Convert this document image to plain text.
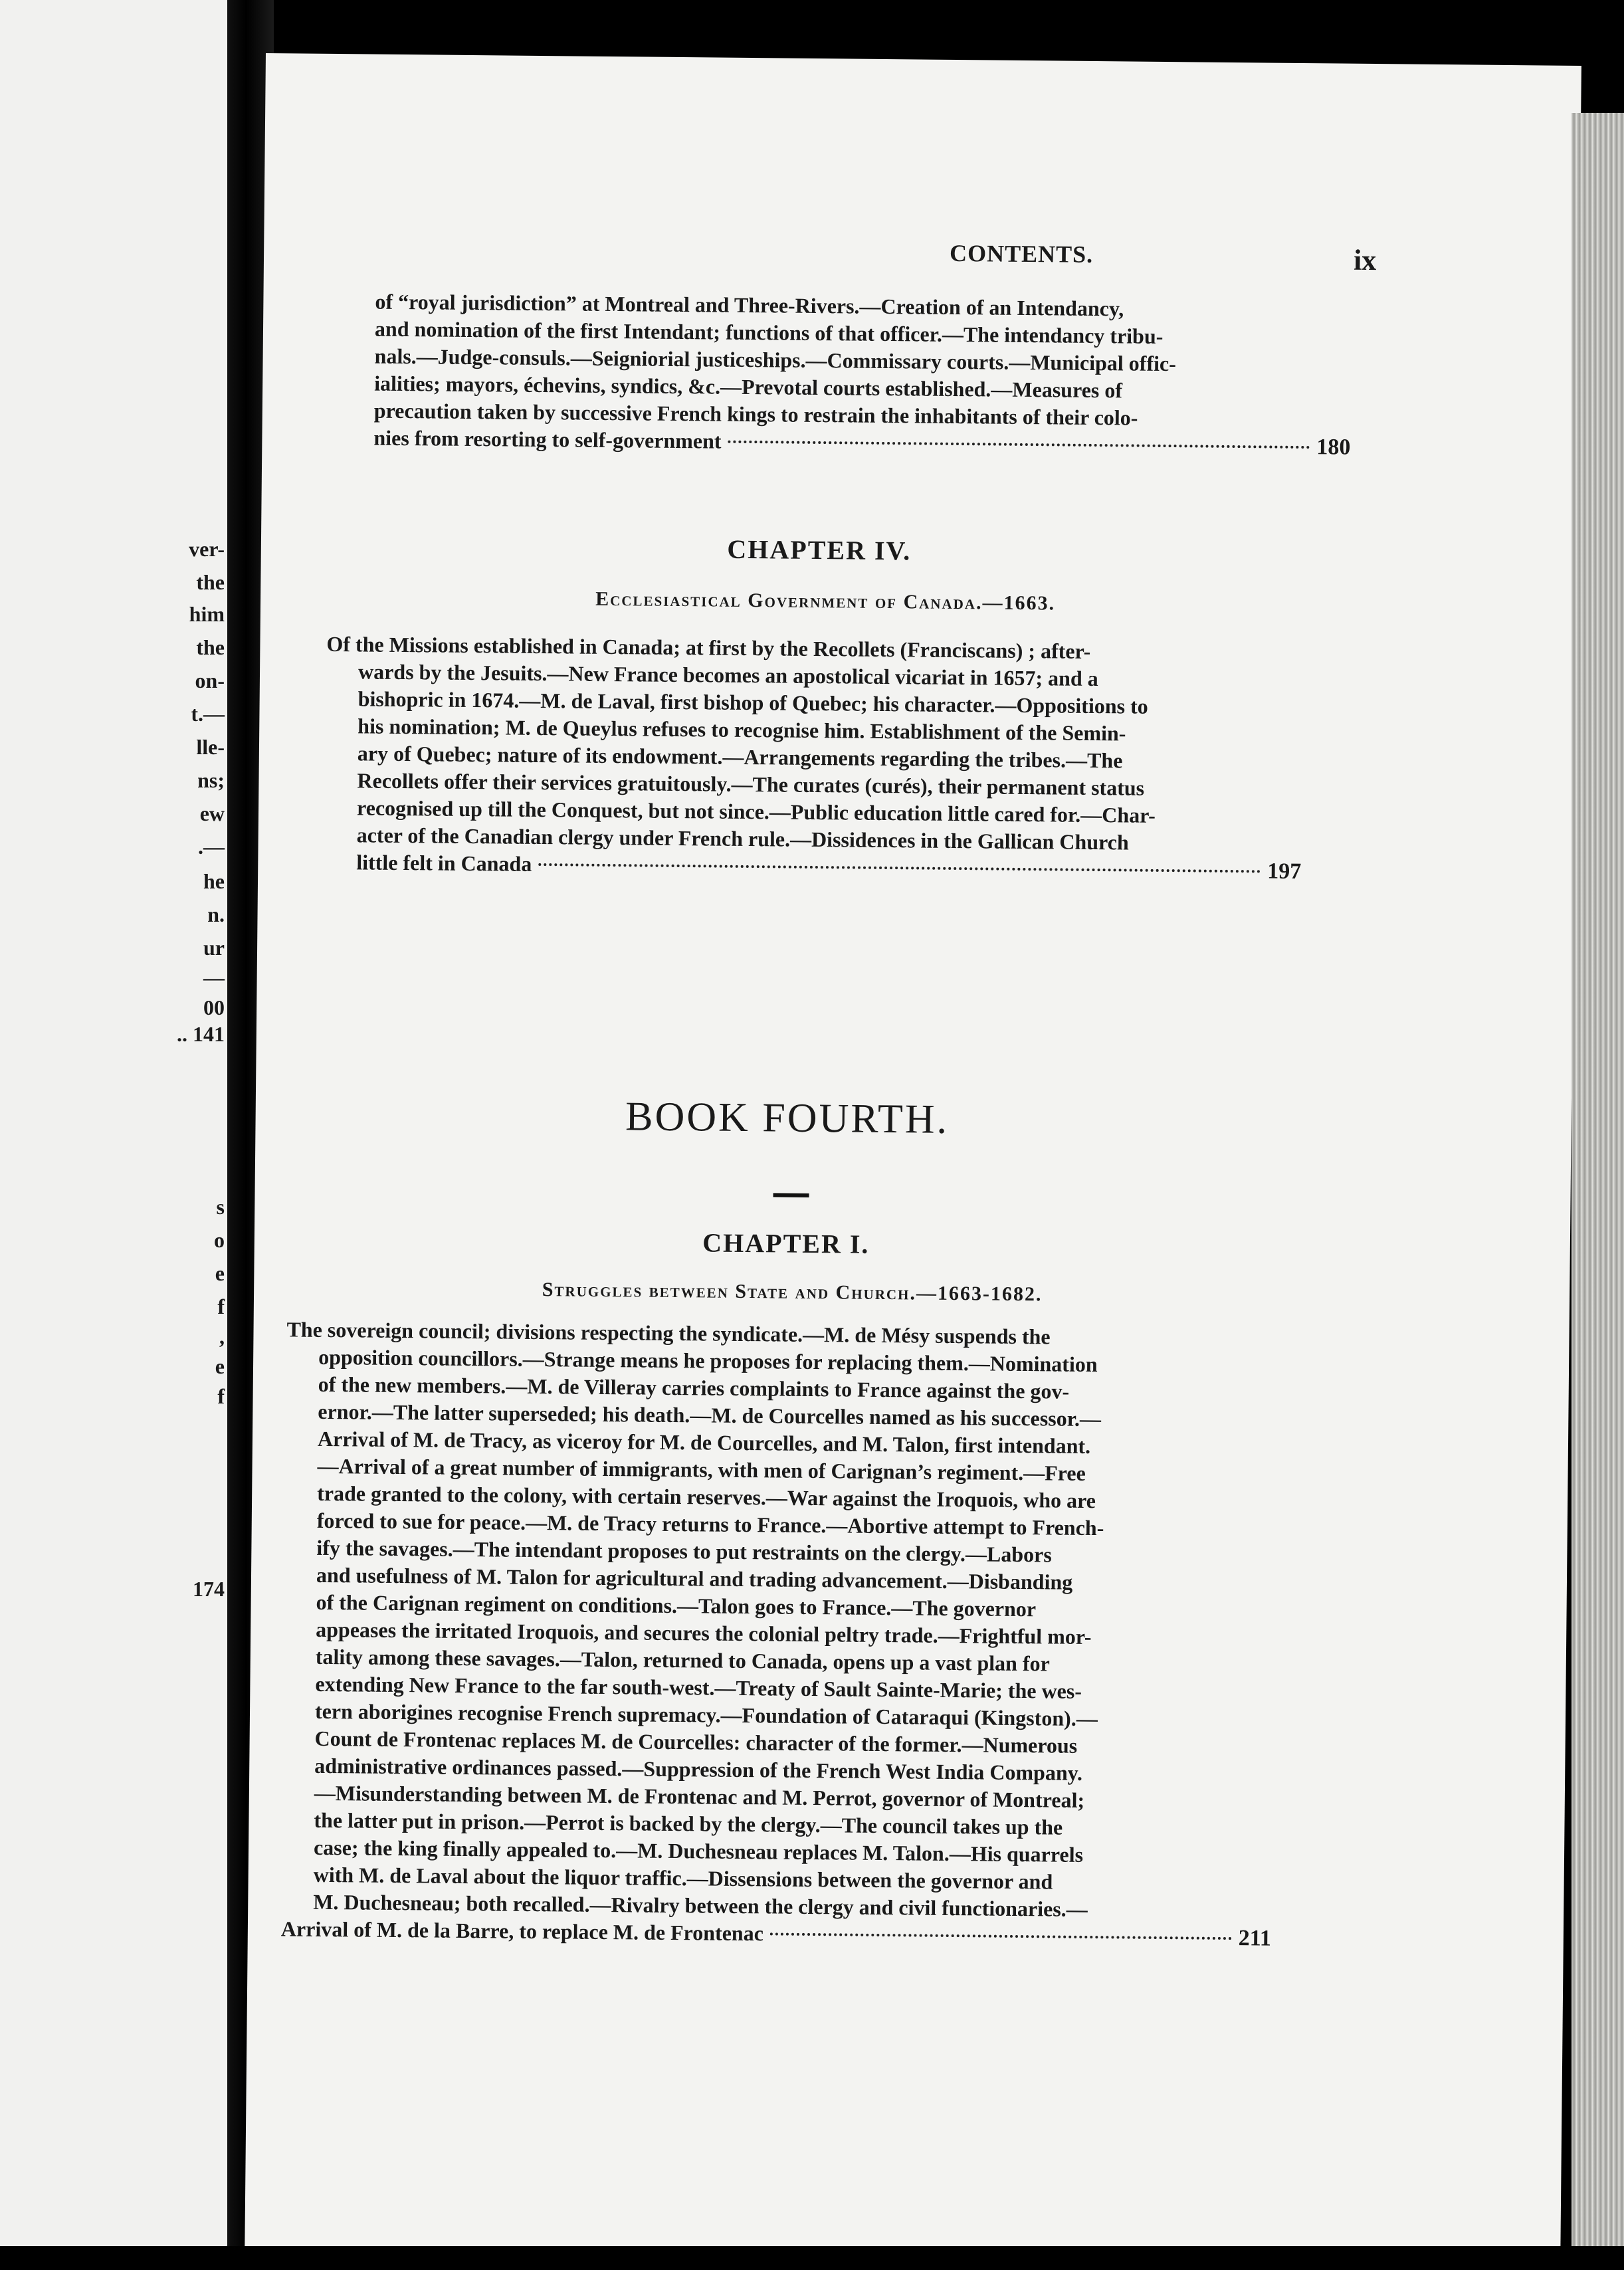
ver-
the
him
the
on-
t.—
lle-
ns;
ew
.—
he
n.
ur
—
00
.. 141
s
o
e
f
,
e
f
174
CONTENTS.	ix
of “royal jurisdiction” at Montreal and Three-Rivers.—Creation of an Intendancy,
and nomination of the first Intendant; functions of that officer.—The intendancy tribu-
nals.—Judge-consuls.—Seigniorial justiceships.—Commissary courts.—Municipal offic-
ialities; mayors, échevins, syndics, &c.—Prevotal courts established.—Measures of
precaution taken by successive French kings to restrain the inhabitants of their colo-
nies from resorting to self-government	180
CHAPTER IV.
Ecclesiastical Government of Canada.—1663.
Of the Missions established in Canada; at first by the Recollets (Franciscans) ; after-
wards by the Jesuits.—New France becomes an apostolical vicariat in 1657; and a
bishopric in 1674.—M. de Laval, first bishop of Quebec; his character.—Oppositions to
his nomination; M. de Queylus refuses to recognise him. Establishment of the Semin-
ary of Quebec; nature of its endowment.—Arrangements regarding the tribes.—The
Recollets offer their services gratuitously.—The curates (curés), their permanent status
recognised up till the Conquest, but not since.—Public education little cared for.—Char-
acter of the Canadian clergy under French rule.—Dissidences in the Gallican Church
little felt in Canada	197
BOOK FOURTH.
CHAPTER I.
Struggles between State and Church.—1663-1682.
The sovereign council; divisions respecting the syndicate.—M. de Mésy suspends the
opposition councillors.—Strange means he proposes for replacing them.—Nomination
of the new members.—M. de Villeray carries complaints to France against the gov-
ernor.—The latter superseded; his death.—M. de Courcelles named as his successor.—
Arrival of M. de Tracy, as viceroy for M. de Courcelles, and M. Talon, first intendant.
—Arrival of a great number of immigrants, with men of Carignan’s regiment.—Free
trade granted to the colony, with certain reserves.—War against the Iroquois, who are
forced to sue for peace.—M. de Tracy returns to France.—Abortive attempt to French-
ify the savages.—The intendant proposes to put restraints on the clergy.—Labors
and usefulness of M. Talon for agricultural and trading advancement.—Disbanding
of the Carignan regiment on conditions.—Talon goes to France.—The governor
appeases the irritated Iroquois, and secures the colonial peltry trade.—Frightful mor-
tality among these savages.—Talon, returned to Canada, opens up a vast plan for
extending New France to the far south-west.—Treaty of Sault Sainte-Marie; the wes-
tern aborigines recognise French supremacy.—Foundation of Cataraqui (Kingston).—
Count de Frontenac replaces M. de Courcelles: character of the former.—Numerous
administrative ordinances passed.—Suppression of the French West India Company.
—Misunderstanding between M. de Frontenac and M. Perrot, governor of Montreal;
the latter put in prison.—Perrot is backed by the clergy.—The council takes up the
case; the king finally appealed to.—M. Duchesneau replaces M. Talon.—His quarrels
with M. de Laval about the liquor traffic.—Dissensions between the governor and
M. Duchesneau; both recalled.—Rivalry between the clergy and civil functionaries.—
Arrival of M. de la Barre, to replace M. de Frontenac	211
